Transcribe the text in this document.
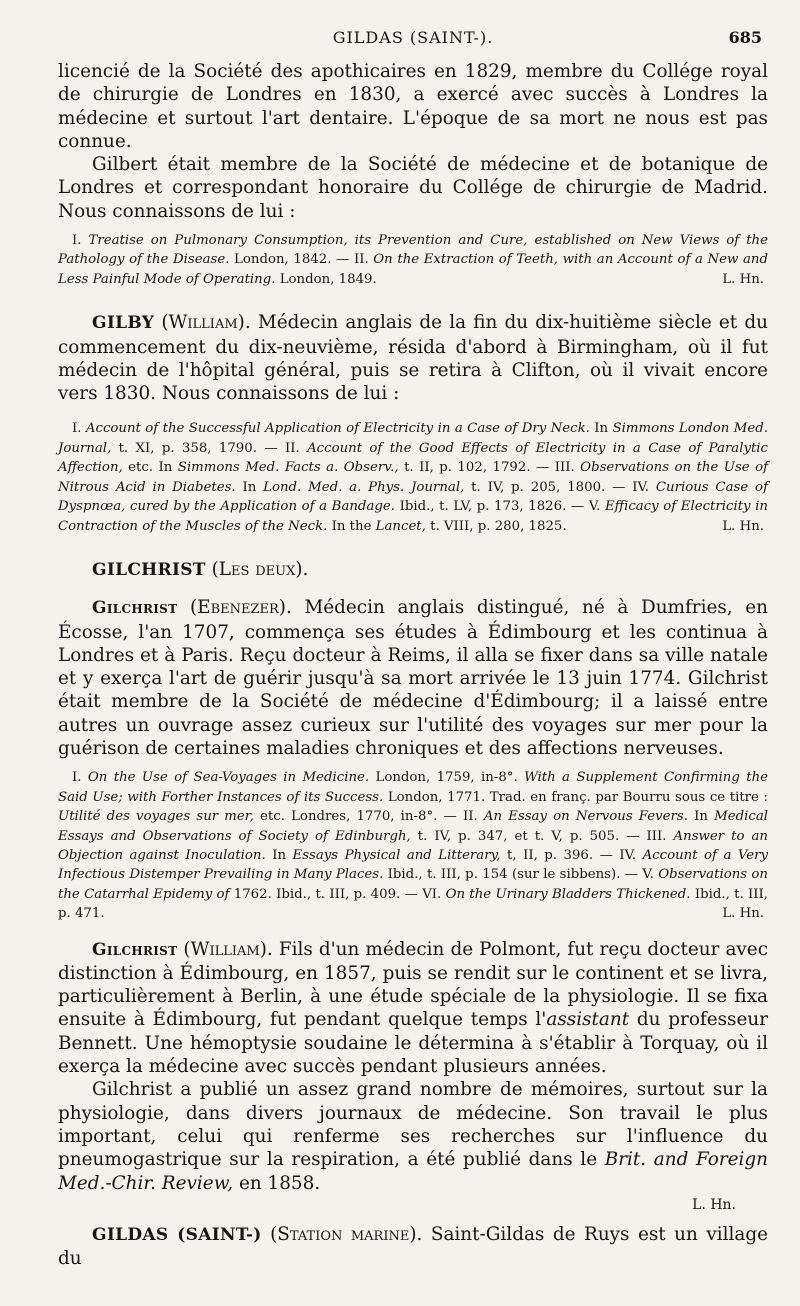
GILDAS (SAINT-).	685

licencié de la Société des apothicaires en 1829, membre du Collége royal de chirurgie de Londres en 1830, a exercé avec succès à Londres la médecine et surtout l'art dentaire. L'époque de sa mort ne nous est pas connue.

Gilbert était membre de la Société de médecine et de botanique de Londres et correspondant honoraire du Collége de chirurgie de Madrid. Nous connaissons de lui :

I. Treatise on Pulmonary Consumption, its Prevention and Cure, established on New Views of the Pathology of the Disease. London, 1842. — II. On the Extraction of Teeth, with an Account of a New and Less Painful Mode of Operating. London, 1849.	L. Hn.

GILBY (William). Médecin anglais de la fin du dix-huitième siècle et du commencement du dix-neuvième, résida d'abord à Birmingham, où il fut médecin de l'hôpital général, puis se retira à Clifton, où il vivait encore vers 1830. Nous connaissons de lui :

I. Account of the Successful Application of Electricity in a Case of Dry Neck. In Simmons London Med. Journal, t. XI, p. 358, 1790. — II. Account of the Good Effects of Electricity in a Case of Paralytic Affection, etc. In Simmons Med. Facts a. Observ., t. II, p. 102, 1792. — III. Observations on the Use of Nitrous Acid in Diabetes. In Lond. Med. a. Phys. Journal, t. IV, p. 205, 1800. — IV. Curious Case of Dyspnœa, cured by the Application of a Bandage. Ibid., t. LV, p. 173, 1826. — V. Efficacy of Electricity in Contraction of the Muscles of the Neck. In the Lancet, t. VIII, p. 280, 1825.	L. Hn.

GILCHRIST (Les deux).

Gilchrist (Ebenezer). Médecin anglais distingué, né à Dumfries, en Écosse, l'an 1707, commença ses études à Édimbourg et les continua à Londres et à Paris. Reçu docteur à Reims, il alla se fixer dans sa ville natale et y exerça l'art de guérir jusqu'à sa mort arrivée le 13 juin 1774. Gilchrist était membre de la Société de médecine d'Édimbourg; il a laissé entre autres un ouvrage assez curieux sur l'utilité des voyages sur mer pour la guérison de certaines maladies chroniques et des affections nerveuses.

I. On the Use of Sea-Voyages in Medicine. London, 1759, in-8°. With a Supplement Confirming the Said Use; with Forther Instances of its Success. London, 1771. Trad. en franç. par Bourru sous ce titre : Utilité des voyages sur mer, etc. Londres, 1770, in-8°. — II. An Essay on Nervous Fevers. In Medical Essays and Observations of Society of Edinburgh, t. IV, p. 347, et t. V, p. 505. — III. Answer to an Objection against Inoculation. In Essays Physical and Litterary, t, II, p. 396. — IV. Account of a Very Infectious Distemper Prevailing in Many Places. Ibid., t. III, p. 154 (sur le sibbens). — V. Observations on the Catarrhal Epidemy of 1762. Ibid., t. III, p. 409. — VI. On the Urinary Bladders Thickened. Ibid., t. III, p. 471.	L. Hn.

Gilchrist (William). Fils d'un médecin de Polmont, fut reçu docteur avec distinction à Édimbourg, en 1857, puis se rendit sur le continent et se livra, particulièrement à Berlin, à une étude spéciale de la physiologie. Il se fixa ensuite à Édimbourg, fut pendant quelque temps l'assistant du professeur Bennett. Une hémoptysie soudaine le détermina à s'établir à Torquay, où il exerça la médecine avec succès pendant plusieurs années.

Gilchrist a publié un assez grand nombre de mémoires, surtout sur la physiologie, dans divers journaux de médecine. Son travail le plus important, celui qui renferme ses recherches sur l'influence du pneumogastrique sur la respiration, a été publié dans le Brit. and Foreign Med.-Chir. Review, en 1858.

L. Hn.

GILDAS (SAINT-) (Station marine). Saint-Gildas de Ruys est un village du
